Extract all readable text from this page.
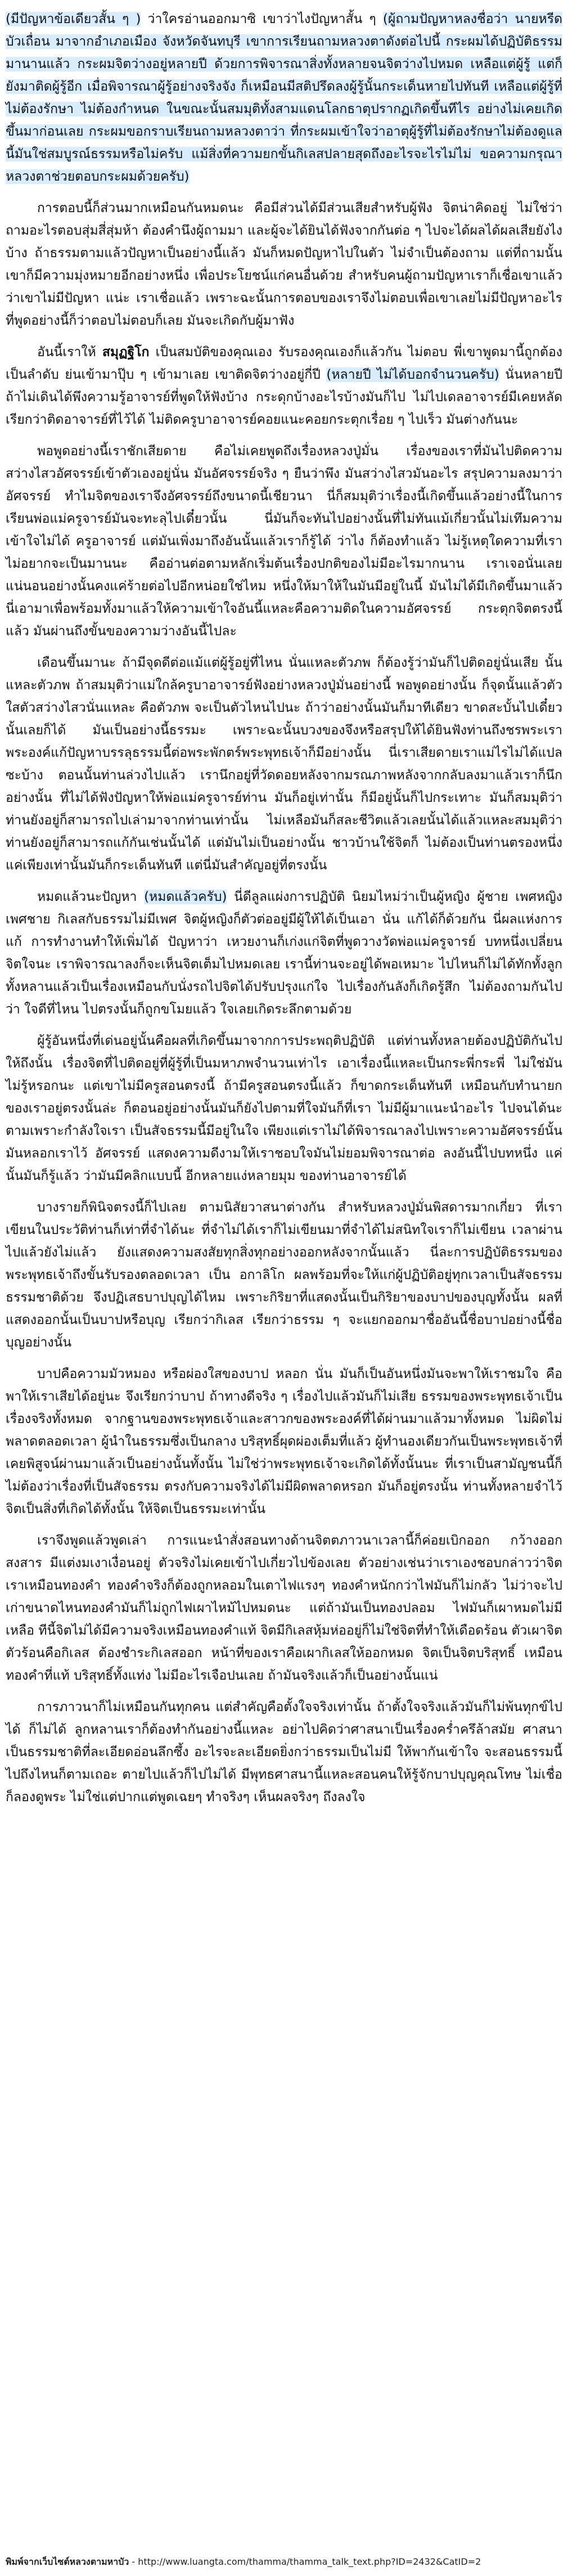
(มีปัญหาข้อเดียวสั้น ๆ ) ว่าใครอ่านออกมาซิ เขาว่าไงปัญหาสั้น ๆ (ผู้ถามปัญหาหลงชื่อว่า นายหรีด บัวเถื่อน มาจากอำเภอเมือง จังหวัดจันทบุรี เขาการเรียนถามหลวงตาดังต่อไปนี้ กระผมได้ปฏิบัติธรรมมานานแล้ว กระผมจิตว่างอยู่หลายปี ด้วยการพิจารณาสิ่งทั้งหลายจนจิตว่างไปหมด เหลือแต่ผู้รู้ แต่ก็ยังมาติดผู้รู้อีก เมื่อพิจารณาผู้รู้อย่างจริงจัง ก็เหมือนมีสติปรึดลงผู้รู้นั้นกระเด็นหายไปทันที เหลือแต่ผู้รู้ที่ไม่ต้องรักษา ไม่ต้องกำหนด ในขณะนั้นสมมุติทั้งสามแดนโลกธาตุปรากฏเกิดขึ้นทีไร อย่างไม่เคยเกิดขึ้นมาก่อนเลย กระผมขอกราบเรียนถามหลวงตาว่า ที่กระผมเข้าใจว่าอาตุผู้รู้ที่ไม่ต้องรักษาไม่ต้องดูแลนี้มันใช่สมบูรณ์ธรรมหรือไม่ครับ แม้สิ่งที่ความยกขั้นกิเลสปลายสุดถึงอะไรจะไรไม่ไม่ ขอความกรุณาหลวงตาช่วยตอบกระผมด้วยครับ)

การตอบนี้ก็ส่วนมากเหมือนกันหมดนะ คือมีส่วนได้มีส่วนเสียสำหรับผู้ฟัง จิตน่าคิดอยู่ ไม่ใช่ว่าถามอะไรตอบสุ่มสี่สุ่มห้า ต้องคำนึงผู้ถามมา และผู้จะได้ยินได้ฟังจากกันต่อ ๆ ไปจะได้ผลได้ผลเสียยังไงบ้าง ถ้าธรรมตามแล้วปัญหาเป็นอย่างนี้แล้ว มันก็หมดปัญหาไปในตัว ไม่จำเป็นต้องถาม แต่ที่ถามนั้นเขาก็มีความมุ่งหมายอีกอย่างหนึ่ง เพื่อประโยชน์แก่คนอื่นด้วย สำหรับคนผู้ถามปัญหาเราก็เชื่อเขาแล้วว่าเขาไม่มีปัญหา แน่ะ เราเชื่อแล้ว เพราะฉะนั้นการตอบของเราจึงไม่ตอบเพื่อเขาเลยไม่มีปัญหาอะไร ที่พูดอย่างนี้ก็ว่าตอบไม่ตอบก็เลย มันจะเกิดกับผู้มาฟัง

อันนี้เราให้ สมุฏฐิโก เป็นสมบัติของคุณเอง รับรองคุณเองก็แล้วกัน ไม่ตอบ พี่เขาพูดมานี้ถูกต้องเป็นลำดับ ย่นเข้ามาปุ๊บ ๆ เข้ามาเลย เขาติดจิตว่างอยู่กี่ปี (หลายปี ไม่ได้บอกจำนวนครับ) นั่นหลายปี ถ้าไม่เดินได้พึงความรู้อาจารย์ที่พูดให้ฟังบ้าง กระดุกบ้างอะไรบ้างมันก็ไป ไม่ไปเดลอาจารย์มีเคยหลัดเรียกว่าติดอาจารย์ที่ไว้ได้ ไม่ติดครูบาอาจารย์คอยแนะคอยกระตุกเรื่อย ๆ ไปเร็ว มันต่างกันนะ

พอพูดอย่างนี้เราชักเสียดาย คือไม่เคยพูดถึงเรื่องหลวงปู่มั่น เรื่องของเราที่มันไปติดความสว่างไสวอัศจรรย์เข้าตัวเองอยู่นั่น มันอัศจรรย์จริง ๆ ยืนว่าพึง มันสว่างไสวมันอะไร สรุปความลงมาว่า อัศจรรย์ ทำไมจิตของเราจึงอัศจรรย์ถึงขนาดนี้เชียวนา นี่ก็สมมุติว่าเรื่องนี้เกิดขึ้นแล้วอย่างนี้ในการเรียนพ่อแม่ครูจารย์มันจะทะลุไปเดี๋ยวนั้น นี่มันก็จะทันไปอย่างนั้นที่ไม่ทันแม้เกี่ยวนั้นไม่เทึมความเข้าใจไม่ได้ ครูอาจารย์ แต่มันเพิ่งมาถึงอันนั้นแล้วเราก็รู้ได้ ว่าไง ก็ต้องทำแล้ว ไม่รู้เหตุใดความที่เราไม่อยากจะเป็นมานนะ คืออ่านต่อตามหลักเริ่มต้นเรื่องปกติของไม่มีอะไรมากนาน เราเจอนั่นเลย แน่นอนอย่างนั้นคงแค่ร้ายต่อไปอีกหน่อยใช่ไหม หนึ่งให้มาให้ในมันมีอยู่ในนี้ มันไม่ได้มีเกิดขึ้นมาแล้วนี่เอามาเพื่อพร้อมทั้งมาแล้วให้ความเข้าใจอันนี้แหละคือความติดในความอัศจรรย์ กระตุกจิตตรงนี้แล้ว มันผ่านถึงขั้นของความว่างอันนี้ไปละ

เดือนขึ้นมานะ ถ้ามีจุดดีต่อแม้แต่ผู้รู้อยู่ที่ไหน นั่นแหละตัวภพ ก็ต้องรู้ว่ามันก็ไปติดอยู่นั่นเสีย นั้นแหละตัวภพ ถ้าสมมุติว่าแม่ใกล้ครูบาอาจารย์ฟังอย่างหลวงปู่มั่นอย่างนี้ พอพูดอย่างนั้น ก็จุดนั้นแล้วตัวใสตัวสว่างไสวนั่นแหละ คือตัวภพ จะเป็นตัวไหนไปนะ ถ้าว่าอย่างนั้นมันก็มาทีเดียว ขาดสะบั้นไปเดี๋ยวนั้นเลยก็ได้ มันเป็นอย่างนี้ธรรมะ เพราะฉะนั้นบวงของจึงหรือสรุปให้ได้ยินฟังท่านถึงชรพระเรา พระองค์แก้ปัญหาบรรลุธรรมนี้ต่อพระพักตร์พระพุทธเจ้าก็มีอย่างนั้น นี่เราเสียดายเราแม่ไรไม่ได้แปลซะบ้าง ตอนนั้นท่านล่วงไปแล้ว เรานึกอยู่ที่วัดดอยหลังจากมรณภาพหลังจากกลับลงมาแล้วเราก็นึกอย่างนั้น ที่ไม่ได้ฟังปัญหาให้พ่อแม่ครูจารย์ท่าน มันก็อยู่เท่านั้น ก็มีอยู่นั้นก็ไปกระเทาะ มันก็สมมุติว่าท่านยังอยู่ก็สามารถไปเล่ามาจากท่านเท่านั้น ไม่เหลือมันก็สละชีวิตแล้วเลยนั้นได้แล้วแหละสมมุติว่าท่านยังอยู่ก็สามารถแก้กันเช่นนั้นได้ แต่มันไม่เป็นอย่างนั้น ชาวบ้านใช้จิตก็ ไม่ต้องเป็นท่านตรองหนึ่ง แค่เพียงเท่านั้นมันก็กระเด็นทันที แต่นี่มันสำคัญอยู่ที่ตรงนั้น

หมดแล้วนะปัญหา (หมดแล้วครับ) นี่ดีลูลแผ่งการปฏิบัติ นิยมไหม่ว่าเป็นผู้หญิง ผู้ชาย เพศหญิง เพศชาย กิเลสกับธรรมไม่มีเพศ จิตผู้หญิงก็ตัวต่ออยู่มีผู้ให้ได้เป็นเอา นั่น แก้ได้ก็ด้วยกัน นี่ผลแห่งการแก้ การทำงานทำให้เพิ่มได้ ปัญหาว่า เหวยงานก็เก่งแก่จิตที่พูดวางวัดพ่อแม่ครูจารย์ บทหนึ่งเปลี่ยนจิตใจนะ เราพิจารณาลงก็จะเห็นจิตเต็มไปหมดเลย เรานี้ท่านจะอยู่ได้พอเหมาะ ไปไหนก็ไม่ได้ทักทั้งลูกทั้งหลานแล้วเป็นเรื่องเหมือนกับนั่งรถไปจิตได้ปรับปรุงแก่ใจ ไปเรื่องกันลังก็เกิดรู้สึก ไม่ต้องถามกันไปว่า ใจดีที่ไหน ไปตรงนั้นก็ถูกขโมยแล้ว ใจเลยเกิดระลึกตามด้วย

ผู้รู้อันหนึ่งที่เด่นอยู่นั้นคือผลที่เกิดขึ้นมาจากการประพฤติปฏิบัติ แต่ท่านทั้งหลายต้องปฏิบัติกันไปให้ถึงนั้น เรื่องจิตที่ไปติดอยู่ที่ผู้รู้ที่เป็นมหาภพจำนวนเท่าไร เอาเรื่องนี้แหละเป็นกระพี่กระพี่ ไม่ใช่มันไม่รู้หรอกนะ แต่เขาไม่มีครูสอนตรงนี้ ถ้ามีครูสอนตรงนี้แล้ว ก็ขาดกระเด็นทันที เหมือนกับทำนายก ของเราอยู่ตรงนั้นล่ะ ก็ตอนอยู่อย่างนั้นมันก็ยังไปตามที่ใจมันก็ที่เรา ไม่มีผู้มาแนะนำอะไร ไปจนได้นะตามเพราะกำลังใจเรา เป็นสัจธรรมนี้มีอยู่ในใจ เพียงแต่เราไม่ได้พิจารณาลงไปเพราะความอัศจรรย์นั้นมันหลอกเราไว้ อัศจรรย์ แสดงความดีงามให้เราชอบใจมันไม่ยอมพิจารณาต่อ ลงอันนี้ไปบทหนึ่ง แค่นั้นมันก็รู้แล้ว ว่ามันมีคลิกแบบนี้ อีกหลายแง่หลายมุม ของท่านอาจารย์ได้

บางรายก็พินิจตรงนี้ก็ไปเลย ตามนิสัยวาสนาต่างกัน สำหรับหลวงปู่มั่นพิสดารมากเกี่ยว ที่เราเขียนในประวัติท่านก็เท่าที่จำได้นะ ที่จำไม่ได้เราก็ไม่เขียนมาที่จำได้ไม่สนิทใจเราก็ไม่เขียน เวลาผ่านไปแล้วยังไม่แล้ว ยังแสดงความสงสัยทุกสิ่งทุกอย่างออกหลังจากนั้นแล้ว นี่ละการปฏิบัติธรรมของพระพุทธเจ้าถึงขั้นรับรองตลอดเวลา เป็น อกาลิโก ผลพร้อมที่จะให้แก่ผู้ปฏิบัติอยู่ทุกเวลาเป็นสัจธรรมธรรมชาติด้วย จึงปฏิเสธบาปบุญได้ไหม เพราะกิริยาที่แสดงนั้นเป็นกิริยาของบาปของบุญทั้งนั้น ผลที่แสดงออกนั้นเป็นบาปหรือบุญ เรียกว่ากิเลส เรียกว่าธรรม ๆ จะแยกออกมาชื่ออันนี้ชื่อบาปอย่างนี้ชื่อบุญอย่างนั้น

บาปคือความมัวหมอง หรือผ่องใสของบาป หลอก นั่น มันก็เป็นอันหนึ่งมันจะพาให้เราชมใจ คือพาให้เราเสียได้อยู่นะ จึงเรียกว่าบาป ถ้าทางดีจริง ๆ เรื่องไปแล้วมันก็ไม่เสีย ธรรมของพระพุทธเจ้าเป็นเรื่องจริงทั้งหมด จากฐานของพระพุทธเจ้าและสาวกของพระองค์ที่ได้ผ่านมาแล้วมาทั้งหมด ไม่ผิดไม่พลาดตลอดเวลา ผู้นำในธรรมซึ่งเป็นกลาง บริสุทธิ์ผุดผ่องเต็มที่แล้ว ผู้ทำนองเดียวกันเป็นพระพุทธเจ้าที่เคยพิสูจน์ผ่านมาแล้วเป็นอย่างนั้นทั้งนั้น ไม่ใช่ว่าพระพุทธเจ้าจะเกิดได้ทั้งนั้นนะ ที่เราเป็นสามัญชนนี้ก็ไม่ต้องว่าเรื่องที่เป็นสัจธรรม ตรงกับความจริงได้ไม่มีผิดพลาดหรอก มันก็อยู่ตรงนั้น ท่านทั้งหลายจำไว้ จิตเป็นสิ่งที่เกิดได้ทั้งนั้น ให้จิตเป็นธรรมะเท่านั้น

เราจึงพูดแล้วพูดเล่า การแนะนำสั่งสอนทางด้านจิตตภาวนาเวลานี้ก็ค่อยเบิกออก กว้างออก สงสาร มีแต่งมเงาเงื่อนอยู่ ตัวจริงไม่เคยเข้าไปเกี่ยวไปข้องเลย ตัวอย่างเช่นว่าเราเองชอบกล่าวว่าจิตเราเหมือนทองคำ ทองคำจริงก็ต้องถูกหลอมในเตาไฟแรงๆ ทองคำหนักกว่าไฟมันก็ไม่กลัว ไม่ว่าจะไปเก่าขนาดไหนทองคำมันก็ไม่ถูกไฟเผาไหม้ไปหมดนะ แต่ถ้ามันเป็นทองปลอม ไฟมันก็เผาหมดไม่มีเหลือ ทีนี้จิตไม่ได้มีความจริงเหมือนทองคำแท้ จิตมีกิเลสหุ้มห่ออยู่ก็ไม่ใช่จิตที่ทำให้เดือดร้อน ตัวเผาจิต ตัวร้อนคือกิเลส ต้องชำระกิเลสออก หน้าที่ของเราคือเผากิเลสให้ออกหมด จิตเป็นจิตบริสุทธิ์ เหมือนทองคำที่แท้ บริสุทธิ์ทั้งแท่ง ไม่มีอะไรเจือปนเลย ถ้ามันจริงแล้วก็เป็นอย่างนั้นแน่

การภาวนาก็ไม่เหมือนกันทุกคน แต่สำคัญคือตั้งใจจริงเท่านั้น ถ้าตั้งใจจริงแล้วมันก็ไม่พ้นทุกข์ไปได้ ก็ไม่ได้ ลูกหลานเราก็ต้องทำกันอย่างนี้แหละ อย่าไปคิดว่าศาสนาเป็นเรื่องคร่ำครึล้าสมัย ศาสนาเป็นธรรมชาติที่ละเอียดอ่อนลึกซึ้ง อะไรจะละเอียดยิ่งกว่าธรรมเป็นไม่มี ให้พากันเข้าใจ จะสอนธรรมนี้ ไปถึงไหนก็ตามเถอะ ตายไปแล้วก็ไปไม่ได้ มีพุทธศาสนานี้แหละสอนคนให้รู้จักบาปบุญคุณโทษ ไม่เชื่อก็ลองดูพระ ไม่ใช่แต่ปากแต่พูดเฉยๆ ทำจริงๆ เห็นผลจริงๆ ถึงลงใจ

พิมพ์จากเว็บไซต์หลวงตามหาบัว - http://www.luangta.com/thamma/thamma_talk_text.php?ID=2432&CatID=2
